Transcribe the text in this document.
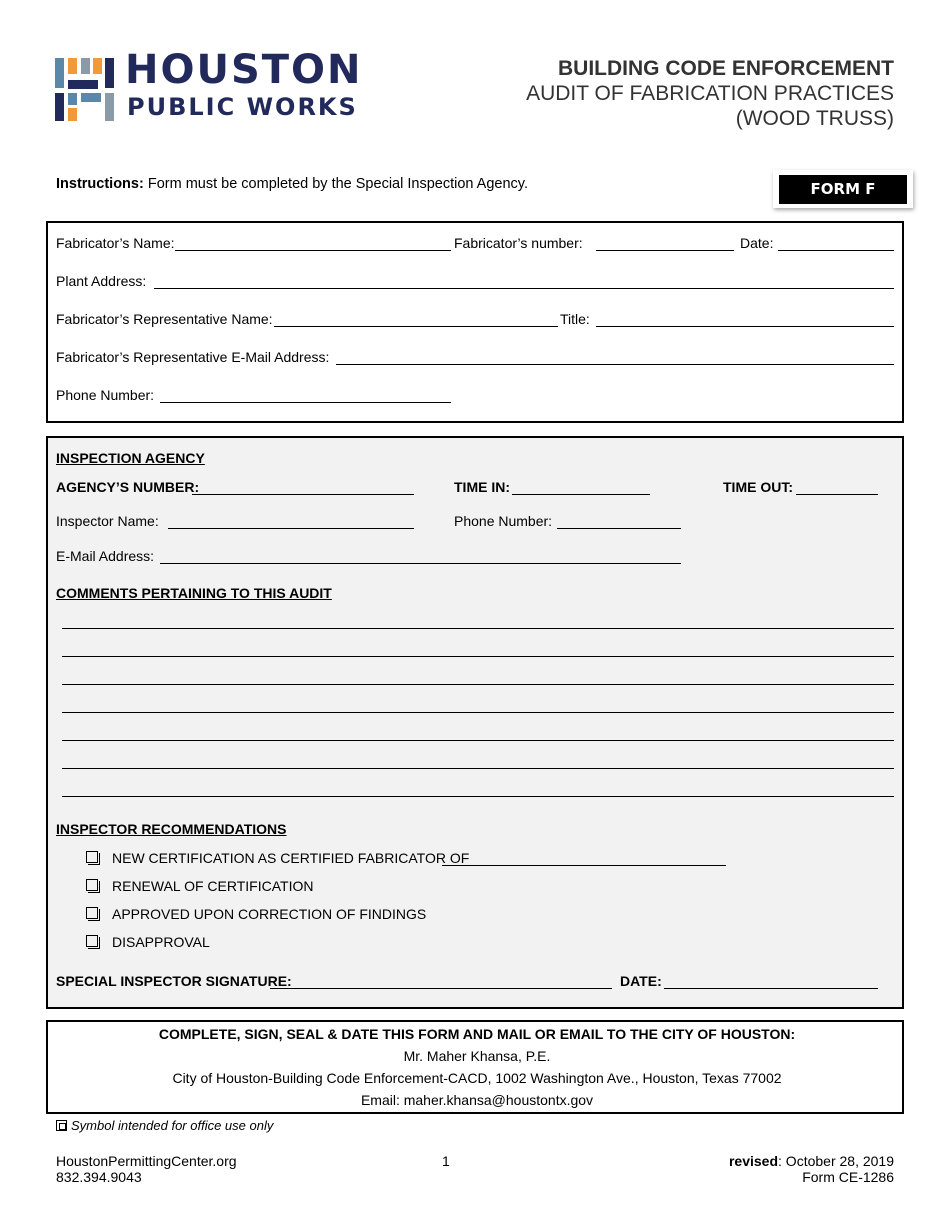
HOUSTON
PUBLIC WORKS
BUILDING CODE ENFORCEMENT
AUDIT OF FABRICATION PRACTICES
(WOOD TRUSS)
Instructions: Form must be completed by the Special Inspection Agency.	FORM F
Fabricator’s Name:	Fabricator’s number:	Date:
Plant Address:
Fabricator’s Representative Name:	Title:
Fabricator’s Representative E-Mail Address:
Phone Number:
INSPECTION AGENCY
AGENCY’S NUMBER:	TIME IN:	TIME OUT:
Inspector Name:	Phone Number:
E-Mail Address:
COMMENTS PERTAINING TO THIS AUDIT
INSPECTOR RECOMMENDATIONS
NEW CERTIFICATION AS CERTIFIED FABRICATOR OF
RENEWAL OF CERTIFICATION
APPROVED UPON CORRECTION OF FINDINGS
DISAPPROVAL
SPECIAL INSPECTOR SIGNATURE:	DATE:
COMPLETE, SIGN, SEAL & DATE THIS FORM AND MAIL OR EMAIL TO THE CITY OF HOUSTON:
Mr. Maher Khansa, P.E.
City of Houston-Building Code Enforcement-CACD, 1002 Washington Ave., Houston, Texas 77002
Email: maher.khansa@houstontx.gov
Symbol intended for office use only
HoustonPermittingCenter.org
832.394.9043
1	revised: October 28, 2019
Form CE-1286
